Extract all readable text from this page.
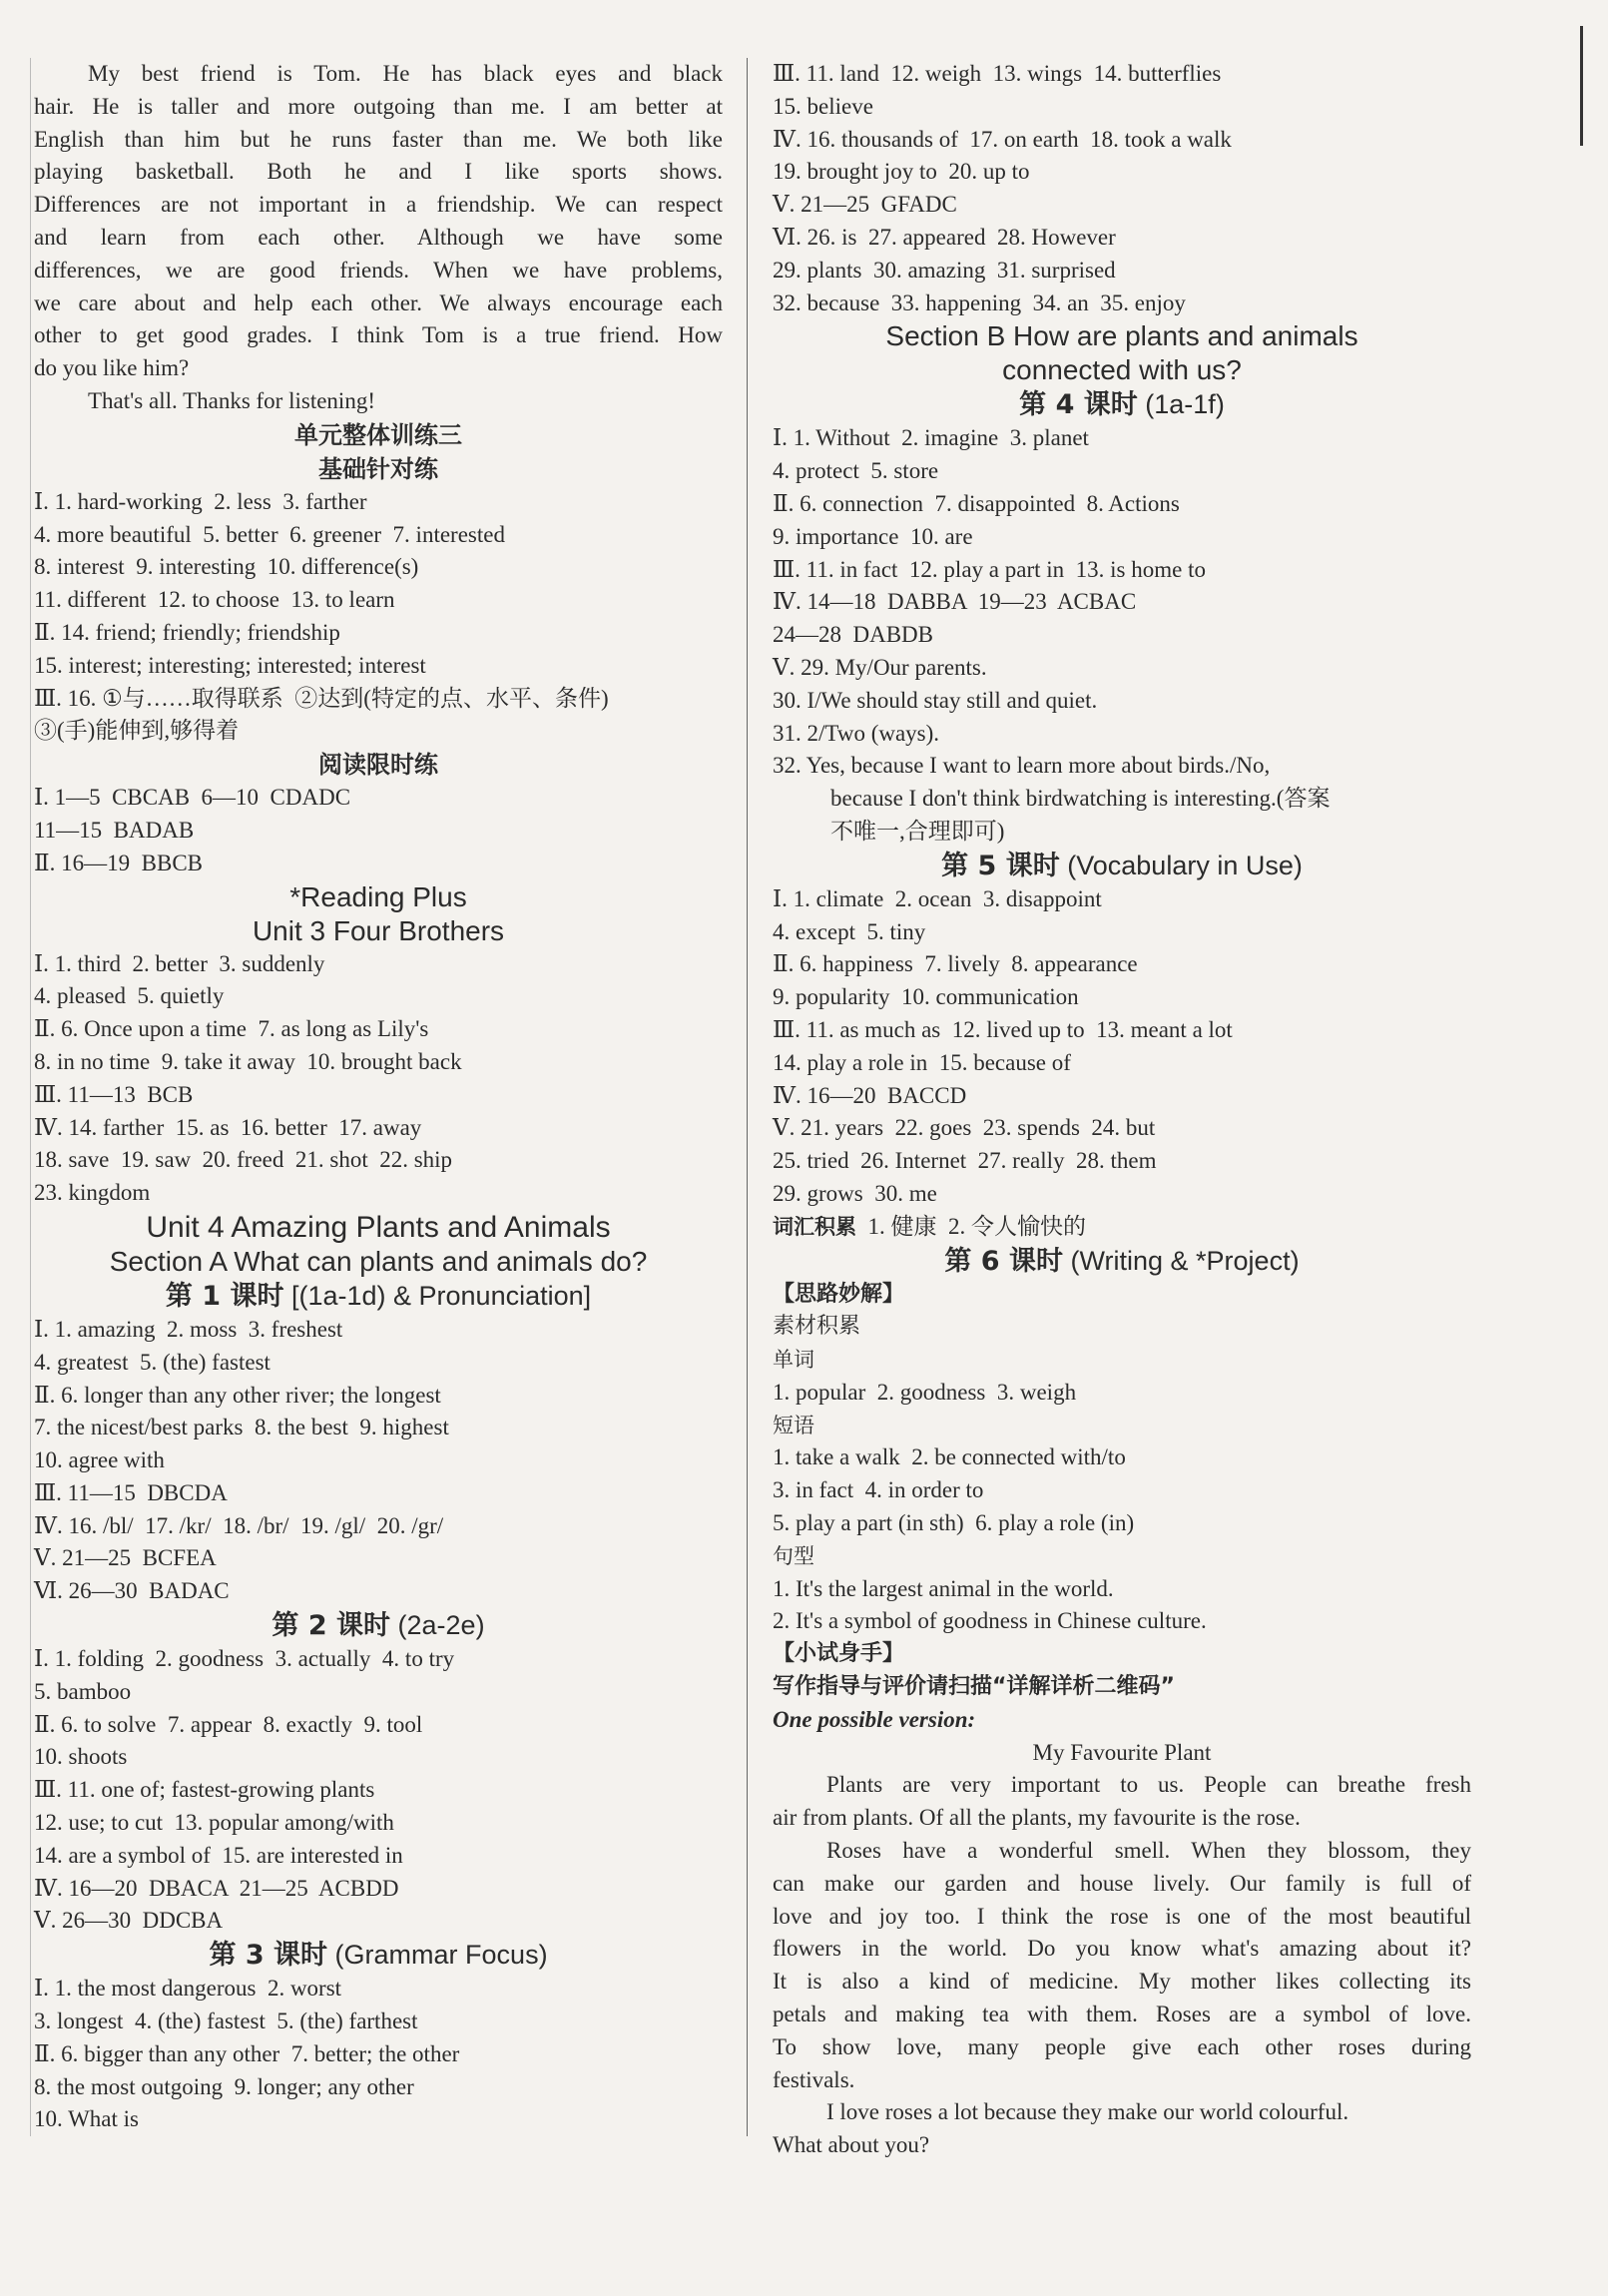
My best friend is Tom. He has black eyes and black
hair. He is taller and more outgoing than me. I am better at
English than him but he runs faster than me. We both like
playing basketball. Both he and I like sports shows.
Differences are not important in a friendship. We can respect
and learn from each other. Although we have some
differences, we are good friends. When we have problems,
we care about and help each other. We always encourage each
other to get good grades. I think Tom is a true friend. How
do you like him?
That's all. Thanks for listening!
单元整体训练三
基础针对练
Ⅰ. 1. hard-working  2. less  3. farther
4. more beautiful  5. better  6. greener  7. interested
8. interest  9. interesting  10. difference(s)
11. different  12. to choose  13. to learn
Ⅱ. 14. friend; friendly; friendship
15. interest; interesting; interested; interest
Ⅲ. 16. ①与……取得联系  ②达到(特定的点、水平、条件)
③(手)能伸到,够得着
阅读限时练
Ⅰ. 1—5  CBCAB  6—10  CDADC
11—15  BADAB
Ⅱ. 16—19  BBCB
*Reading Plus
Unit 3 Four Brothers
Ⅰ. 1. third  2. better  3. suddenly
4. pleased  5. quietly
Ⅱ. 6. Once upon a time  7. as long as Lily's
8. in no time  9. take it away  10. brought back
Ⅲ. 11—13  BCB
Ⅳ. 14. farther  15. as  16. better  17. away
18. save  19. saw  20. freed  21. shot  22. ship
23. kingdom
Unit 4 Amazing Plants and Animals
Section A What can plants and animals do?
第 1 课时 [(1a-1d) & Pronunciation]
Ⅰ. 1. amazing  2. moss  3. freshest
4. greatest  5. (the) fastest
Ⅱ. 6. longer than any other river; the longest
7. the nicest/best parks  8. the best  9. highest
10. agree with
Ⅲ. 11—15  DBCDA
Ⅳ. 16. /bl/  17. /kr/  18. /br/  19. /gl/  20. /gr/
Ⅴ. 21—25  BCFEA
Ⅵ. 26—30  BADAC
第 2 课时 (2a-2e)
Ⅰ. 1. folding  2. goodness  3. actually  4. to try
5. bamboo
Ⅱ. 6. to solve  7. appear  8. exactly  9. tool
10. shoots
Ⅲ. 11. one of; fastest-growing plants
12. use; to cut  13. popular among/with
14. are a symbol of  15. are interested in
Ⅳ. 16—20  DBACA  21—25  ACBDD
Ⅴ. 26—30  DDCBA
第 3 课时 (Grammar Focus)
Ⅰ. 1. the most dangerous  2. worst
3. longest  4. (the) fastest  5. (the) farthest
Ⅱ. 6. bigger than any other  7. better; the other
8. the most outgoing  9. longer; any other
10. What is
Ⅲ. 11. land  12. weigh  13. wings  14. butterflies
15. believe
Ⅳ. 16. thousands of  17. on earth  18. took a walk
19. brought joy to  20. up to
Ⅴ. 21—25  GFADC
Ⅵ. 26. is  27. appeared  28. However
29. plants  30. amazing  31. surprised
32. because  33. happening  34. an  35. enjoy
Section B How are plants and animals
connected with us?
第 4 课时 (1a-1f)
Ⅰ. 1. Without  2. imagine  3. planet
4. protect  5. store
Ⅱ. 6. connection  7. disappointed  8. Actions
9. importance  10. are
Ⅲ. 11. in fact  12. play a part in  13. is home to
Ⅳ. 14—18  DABBA  19—23  ACBAC
24—28  DABDB
Ⅴ. 29. My/Our parents.
30. I/We should stay still and quiet.
31. 2/Two (ways).
32. Yes, because I want to learn more about birds./No,
because I don't think birdwatching is interesting.(答案
不唯一,合理即可)
第 5 课时 (Vocabulary in Use)
Ⅰ. 1. climate  2. ocean  3. disappoint
4. except  5. tiny
Ⅱ. 6. happiness  7. lively  8. appearance
9. popularity  10. communication
Ⅲ. 11. as much as  12. lived up to  13. meant a lot
14. play a role in  15. because of
Ⅳ. 16—20  BACCD
Ⅴ. 21. years  22. goes  23. spends  24. but
25. tried  26. Internet  27. really  28. them
29. grows  30. me
词汇积累 1. 健康  2. 令人愉快的
第 6 课时 (Writing & *Project)
【思路妙解】
素材积累
单词
1. popular  2. goodness  3. weigh
短语
1. take a walk  2. be connected with/to
3. in fact  4. in order to
5. play a part (in sth)  6. play a role (in)
句型
1. It's the largest animal in the world.
2. It's a symbol of goodness in Chinese culture.
【小试身手】
写作指导与评价请扫描“详解详析二维码”
One possible version:
My Favourite Plant
Plants are very important to us. People can breathe fresh
air from plants. Of all the plants, my favourite is the rose.
Roses have a wonderful smell. When they blossom, they
can make our garden and house lively. Our family is full of
love and joy too. I think the rose is one of the most beautiful
flowers in the world. Do you know what's amazing about it?
It is also a kind of medicine. My mother likes collecting its
petals and making tea with them. Roses are a symbol of love.
To show love, many people give each other roses during
festivals.
I love roses a lot because they make our world colourful.
What about you?
